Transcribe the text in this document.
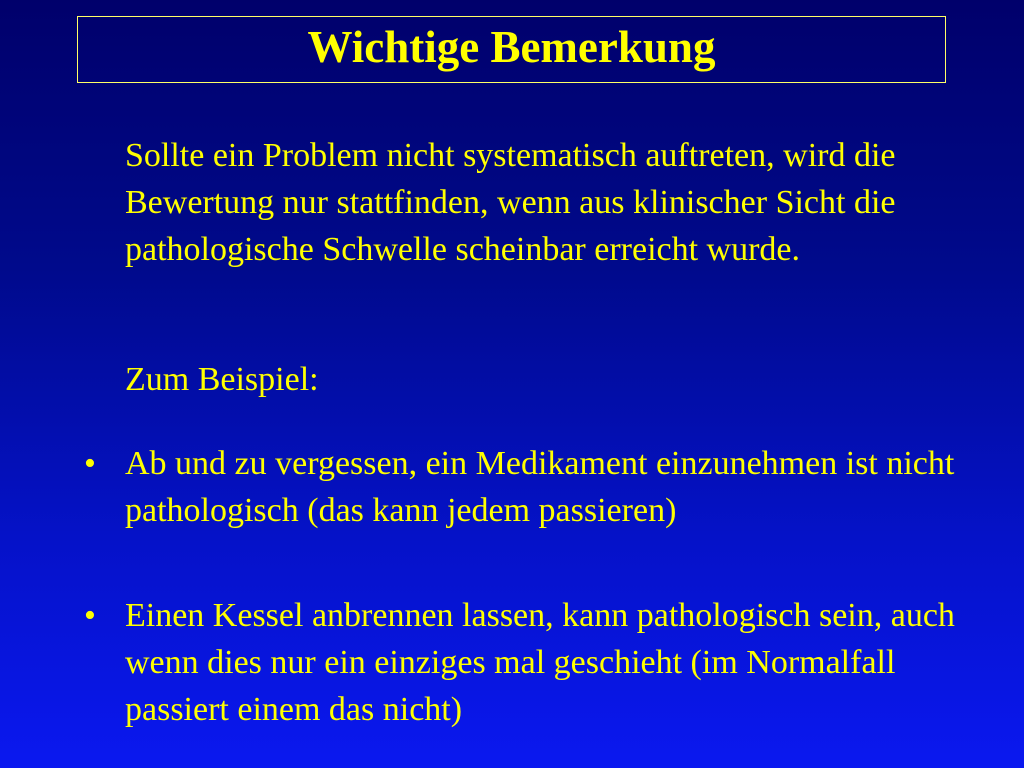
Wichtige Bemerkung

Sollte ein Problem nicht systematisch auftreten, wird die Bewertung nur stattfinden, wenn aus klinischer Sicht die pathologische Schwelle scheinbar erreicht wurde.

Zum Beispiel:

• Ab und zu vergessen, ein Medikament einzunehmen ist nicht pathologisch (das kann jedem passieren)
• Einen Kessel anbrennen lassen, kann pathologisch sein, auch wenn dies nur ein einziges mal geschieht (im Normalfall passiert einem das nicht)
